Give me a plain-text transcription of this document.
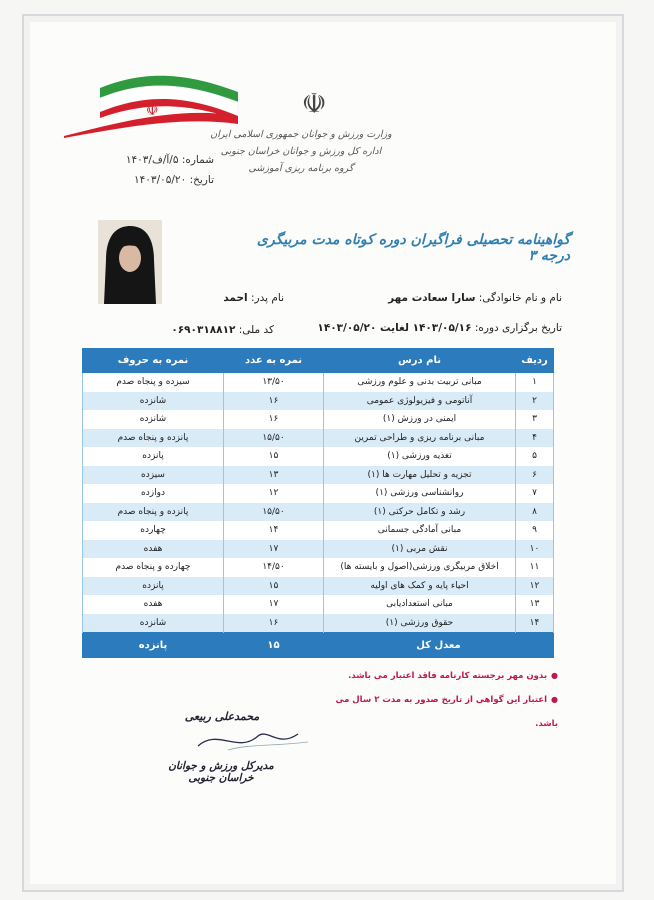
☫	☫
وزارت ورزش و جوانان جمهوری اسلامی ایران
اداره کل ورزش و جوانان خراسان جنوبی
گروه برنامه ریزی آموزشی
شماره: ۵/آ/ف/۱۴۰۳
تاریخ: ۱۴۰۳/۰۵/۲۰
گواهینامه تحصیلی فراگیران دوره کوتاه مدت مربیگری درجه ۳
نام و نام خانوادگی: سارا سعادت مهر
نام پدر: احمد
تاریخ برگزاری دوره: ۱۴۰۳/۰۵/۱۶ لغایت ۱۴۰۳/۰۵/۲۰
کد ملی: ۰۶۹۰۳۱۸۸۱۲
ردیف	نام درس	نمره به عدد	نمره به حروف
۱	مبانی تربیت بدنی و علوم ورزشی	۱۳/۵۰	سیزده و پنجاه صدم
۲	آناتومی و فیزیولوژی عمومی	۱۶	شانزده
۳	ایمنی در ورزش (۱)	۱۶	شانزده
۴	مبانی برنامه ریزی و طراحی تمرین	۱۵/۵۰	پانزده و پنجاه صدم
۵	تغذیه ورزشی (۱)	۱۵	پانزده
۶	تجزیه و تحلیل مهارت ها (۱)	۱۳	سیزده
۷	روانشناسی ورزشی (۱)	۱۲	دوازده
۸	رشد و تکامل حرکتی (۱)	۱۵/۵۰	پانزده و پنجاه صدم
۹	مبانی آمادگی جسمانی	۱۴	چهارده
۱۰	نقش مربی (۱)	۱۷	هفده
۱۱	اخلاق مربیگری ورزشی(اصول و بایسته ها)	۱۴/۵۰	چهارده و پنجاه صدم
۱۲	احیاء پایه و کمک های اولیه	۱۵	پانزده
۱۳	مبانی استعدادیابی	۱۷	هفده
۱۴	حقوق ورزشی (۱)	۱۶	شانزده
معدل کل		۱۵	پانزده
●بدون مهر برجسته کارنامه فاقد اعتبار می باشد.
●اعتبار این گواهی از تاریخ صدور به مدت ۲ سال می باشد.
محمدعلی ربیعی
مدیرکل ورزش و جوانان خراسان جنوبی
